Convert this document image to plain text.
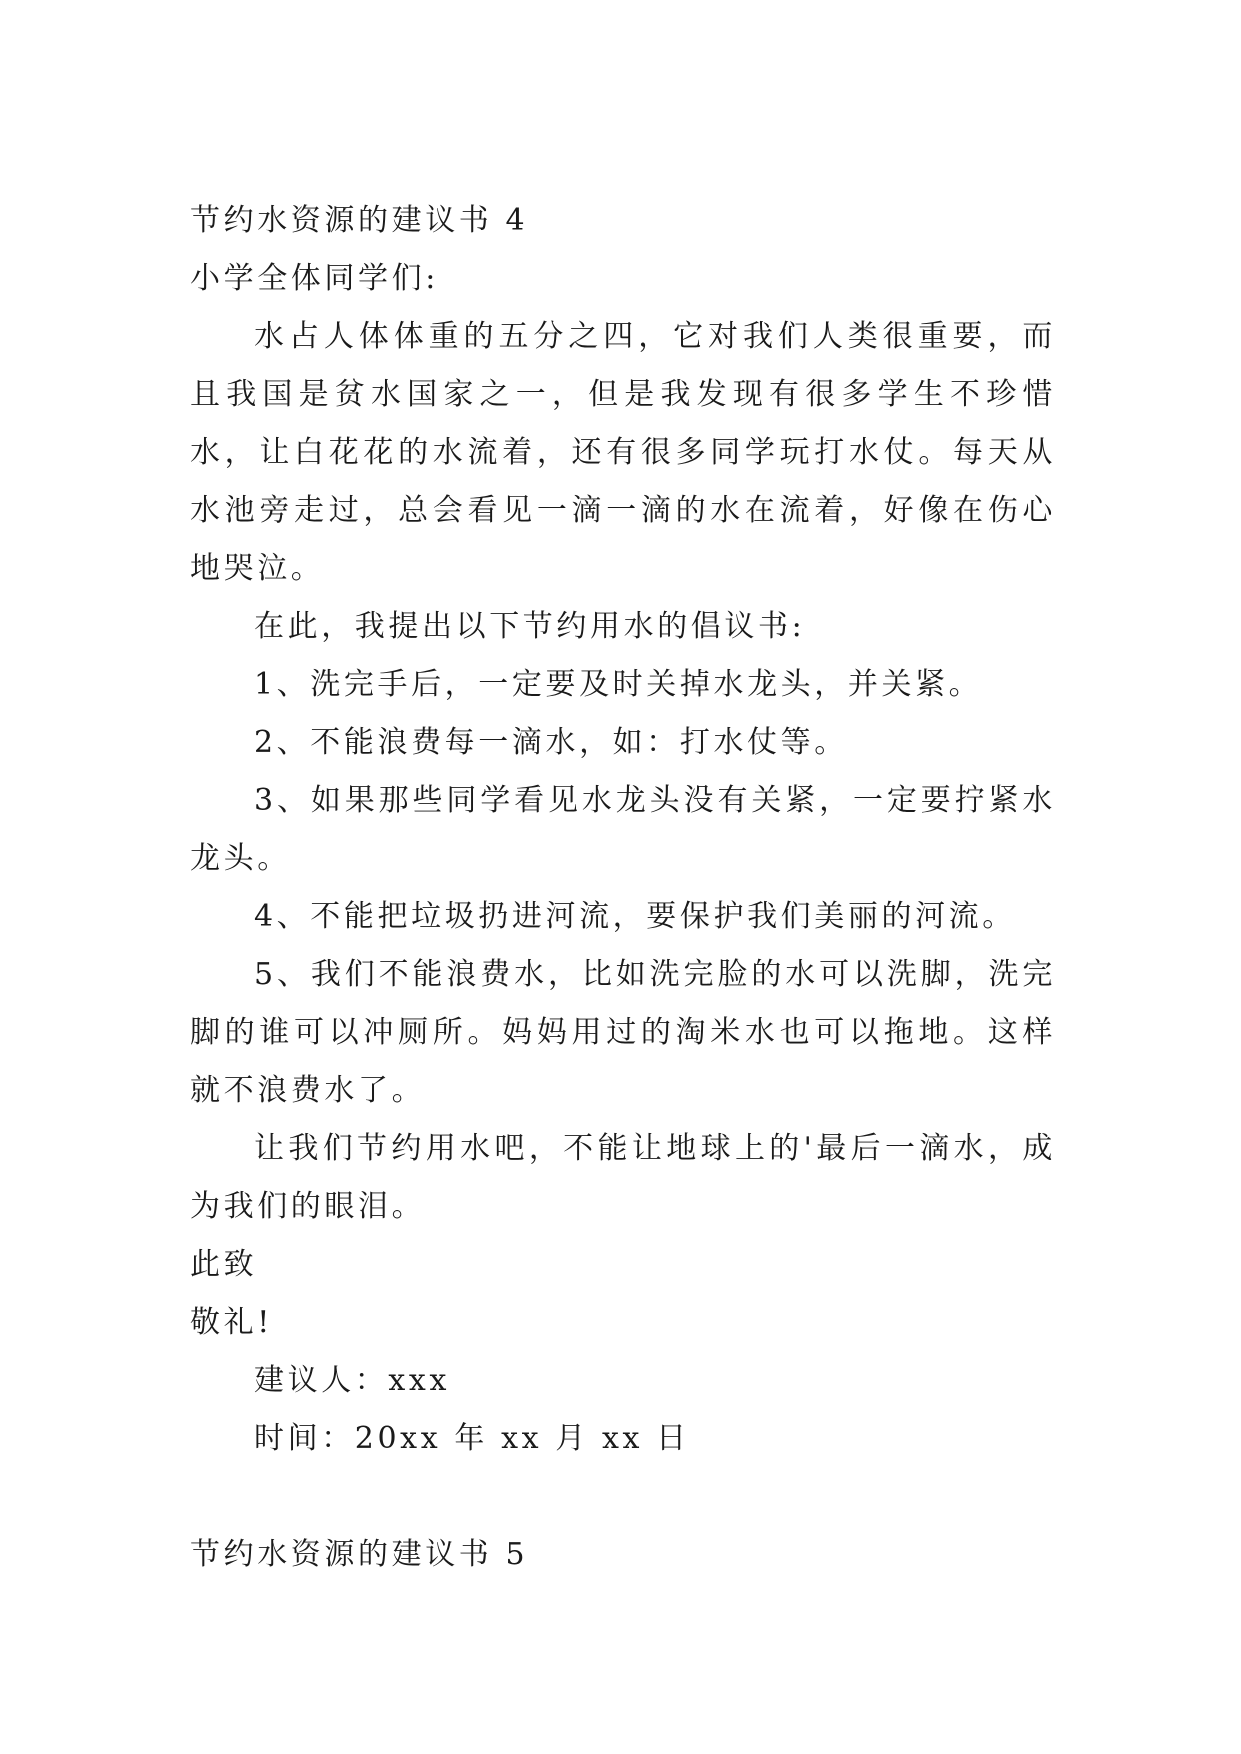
节约水资源的建议书 4
小学全体同学们:
水占人体体重的五分之四，它对我们人类很重要，而且我国是贫水国家之一，但是我发现有很多学生不珍惜水，让白花花的水流着，还有很多同学玩打水仗。每天从水池旁走过，总会看见一滴一滴的水在流着，好像在伤心地哭泣。
在此，我提出以下节约用水的倡议书:
1、洗完手后，一定要及时关掉水龙头，并关紧。
2、不能浪费每一滴水，如：打水仗等。
3、如果那些同学看见水龙头没有关紧，一定要拧紧水龙头。
4、不能把垃圾扔进河流，要保护我们美丽的河流。
5、我们不能浪费水，比如洗完脸的水可以洗脚，洗完脚的谁可以冲厕所。妈妈用过的淘米水也可以拖地。这样就不浪费水了。
让我们节约用水吧，不能让地球上的'最后一滴水，成为我们的眼泪。
此致
敬礼!
建议人：xxx
时间：20xx 年 xx 月 xx 日
节约水资源的建议书 5
